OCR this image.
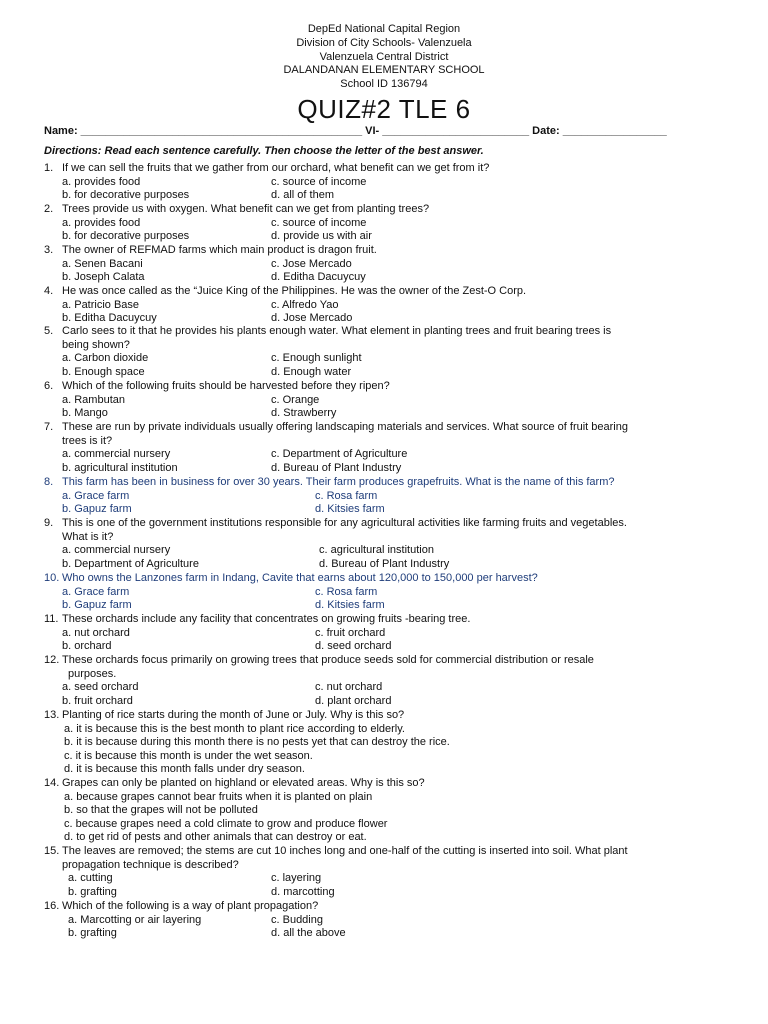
DepEd National Capital Region
Division of City Schools- Valenzuela
Valenzuela Central District
DALANDANAN ELEMENTARY SCHOOL
School ID 136794
QUIZ#2 TLE 6
Name: ______________________________________________ VI- ________________________ Date: _________________
Directions: Read each sentence carefully. Then choose the letter of the best answer.
1. If we can sell the fruits that we gather from our orchard, what benefit can we get from it?
a. provides food	c. source of income
b. for decorative purposes	d. all of them
2. Trees provide us with oxygen. What benefit can we get from planting trees?
a. provides food	c. source of income
b. for decorative purposes	d. provide us with air
3. The owner of REFMAD farms which main product is dragon fruit.
a. Senen Bacani	c. Jose Mercado
b. Joseph Calata	d. Editha Dacuycuy
4. He was once called as the “Juice King of the Philippines. He was the owner of the Zest-O Corp.
a. Patricio Base	c. Alfredo Yao
b. Editha Dacuycuy	d. Jose Mercado
5. Carlo sees to it that he provides his plants enough water. What element in planting trees and fruit bearing trees is
being shown?
a. Carbon dioxide	c. Enough sunlight
b. Enough space	d. Enough water
6. Which of the following fruits should be harvested before they ripen?
a. Rambutan	c. Orange
b. Mango	d. Strawberry
7. These are run by private individuals usually offering landscaping materials and services. What source of fruit bearing
trees is it?
a. commercial nursery	c. Department of Agriculture
b. agricultural institution	d. Bureau of Plant Industry
8. This farm has been in business for over 30 years. Their farm produces grapefruits. What is the name of this farm?
a. Grace farm	c. Rosa farm
b. Gapuz farm	d. Kitsies farm
9. This is one of the government institutions responsible for any agricultural activities like farming fruits and vegetables.
What is it?
a. commercial nursery	c. agricultural institution
b. Department of Agriculture	d. Bureau of Plant Industry
10. Who owns the Lanzones farm in Indang, Cavite that earns about 120,000 to 150,000 per harvest?
a. Grace farm	c. Rosa farm
b. Gapuz farm	d. Kitsies farm
11. These orchards include any facility that concentrates on growing fruits -bearing tree.
a. nut orchard	c. fruit orchard
b. orchard	d. seed orchard
12. These orchards focus primarily on growing trees that produce seeds sold for commercial distribution or resale
purposes.
a. seed orchard	c. nut orchard
b. fruit orchard	d. plant orchard
13. Planting of rice starts during the month of June or July. Why is this so?
a. it is because this is the best month to plant rice according to elderly.
b. it is because during this month there is no pests yet that can destroy the rice.
c. it is because this month is under the wet season.
d. it is because this month falls under dry season.
14. Grapes can only be planted on highland or elevated areas. Why is this so?
a. because grapes cannot bear fruits when it is planted on plain
b. so that the grapes will not be polluted
c. because grapes need a cold climate to grow and produce flower
d. to get rid of pests and other animals that can destroy or eat.
15. The leaves are removed; the stems are cut 10 inches long and one-half of the cutting is inserted into soil. What plant
propagation technique is described?
a. cutting	c. layering
b. grafting	d. marcotting
16. Which of the following is a way of plant propagation?
a. Marcotting or air layering	c. Budding
b. grafting	d. all the above
